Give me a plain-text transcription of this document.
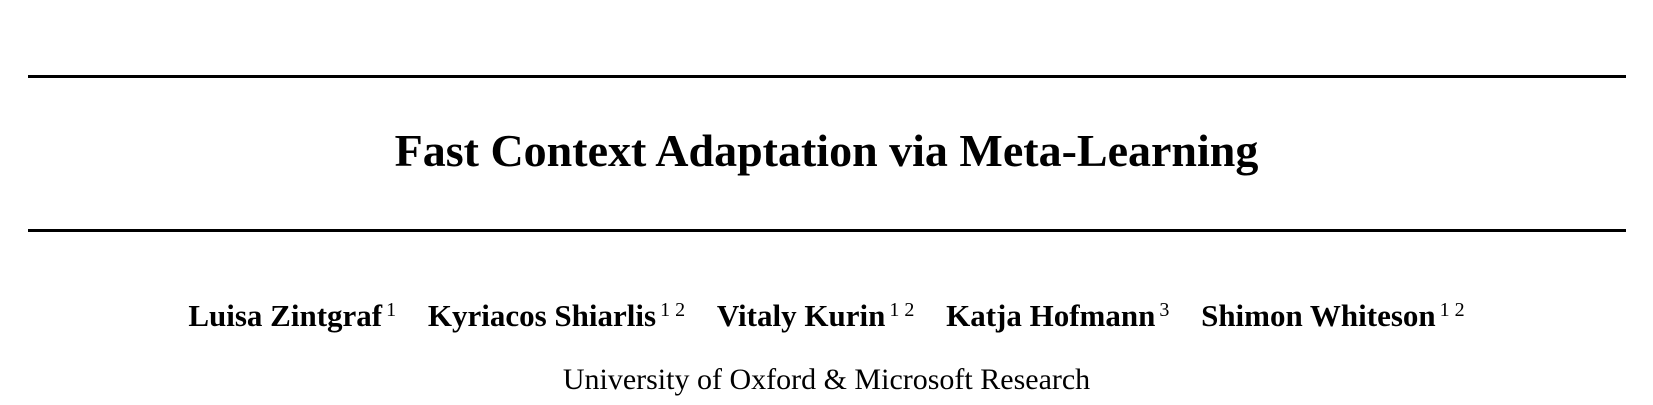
Fast Context Adaptation via Meta-Learning
Luisa Zintgraf $^1$ Kyriacos Shiarlis $^{1 2}$ Vitaly Kurin $^{1 2}$ Katja Hofmann $^3$ Shimon Whiteson $^{1 2}$
University of Oxford & Microsoft Research
